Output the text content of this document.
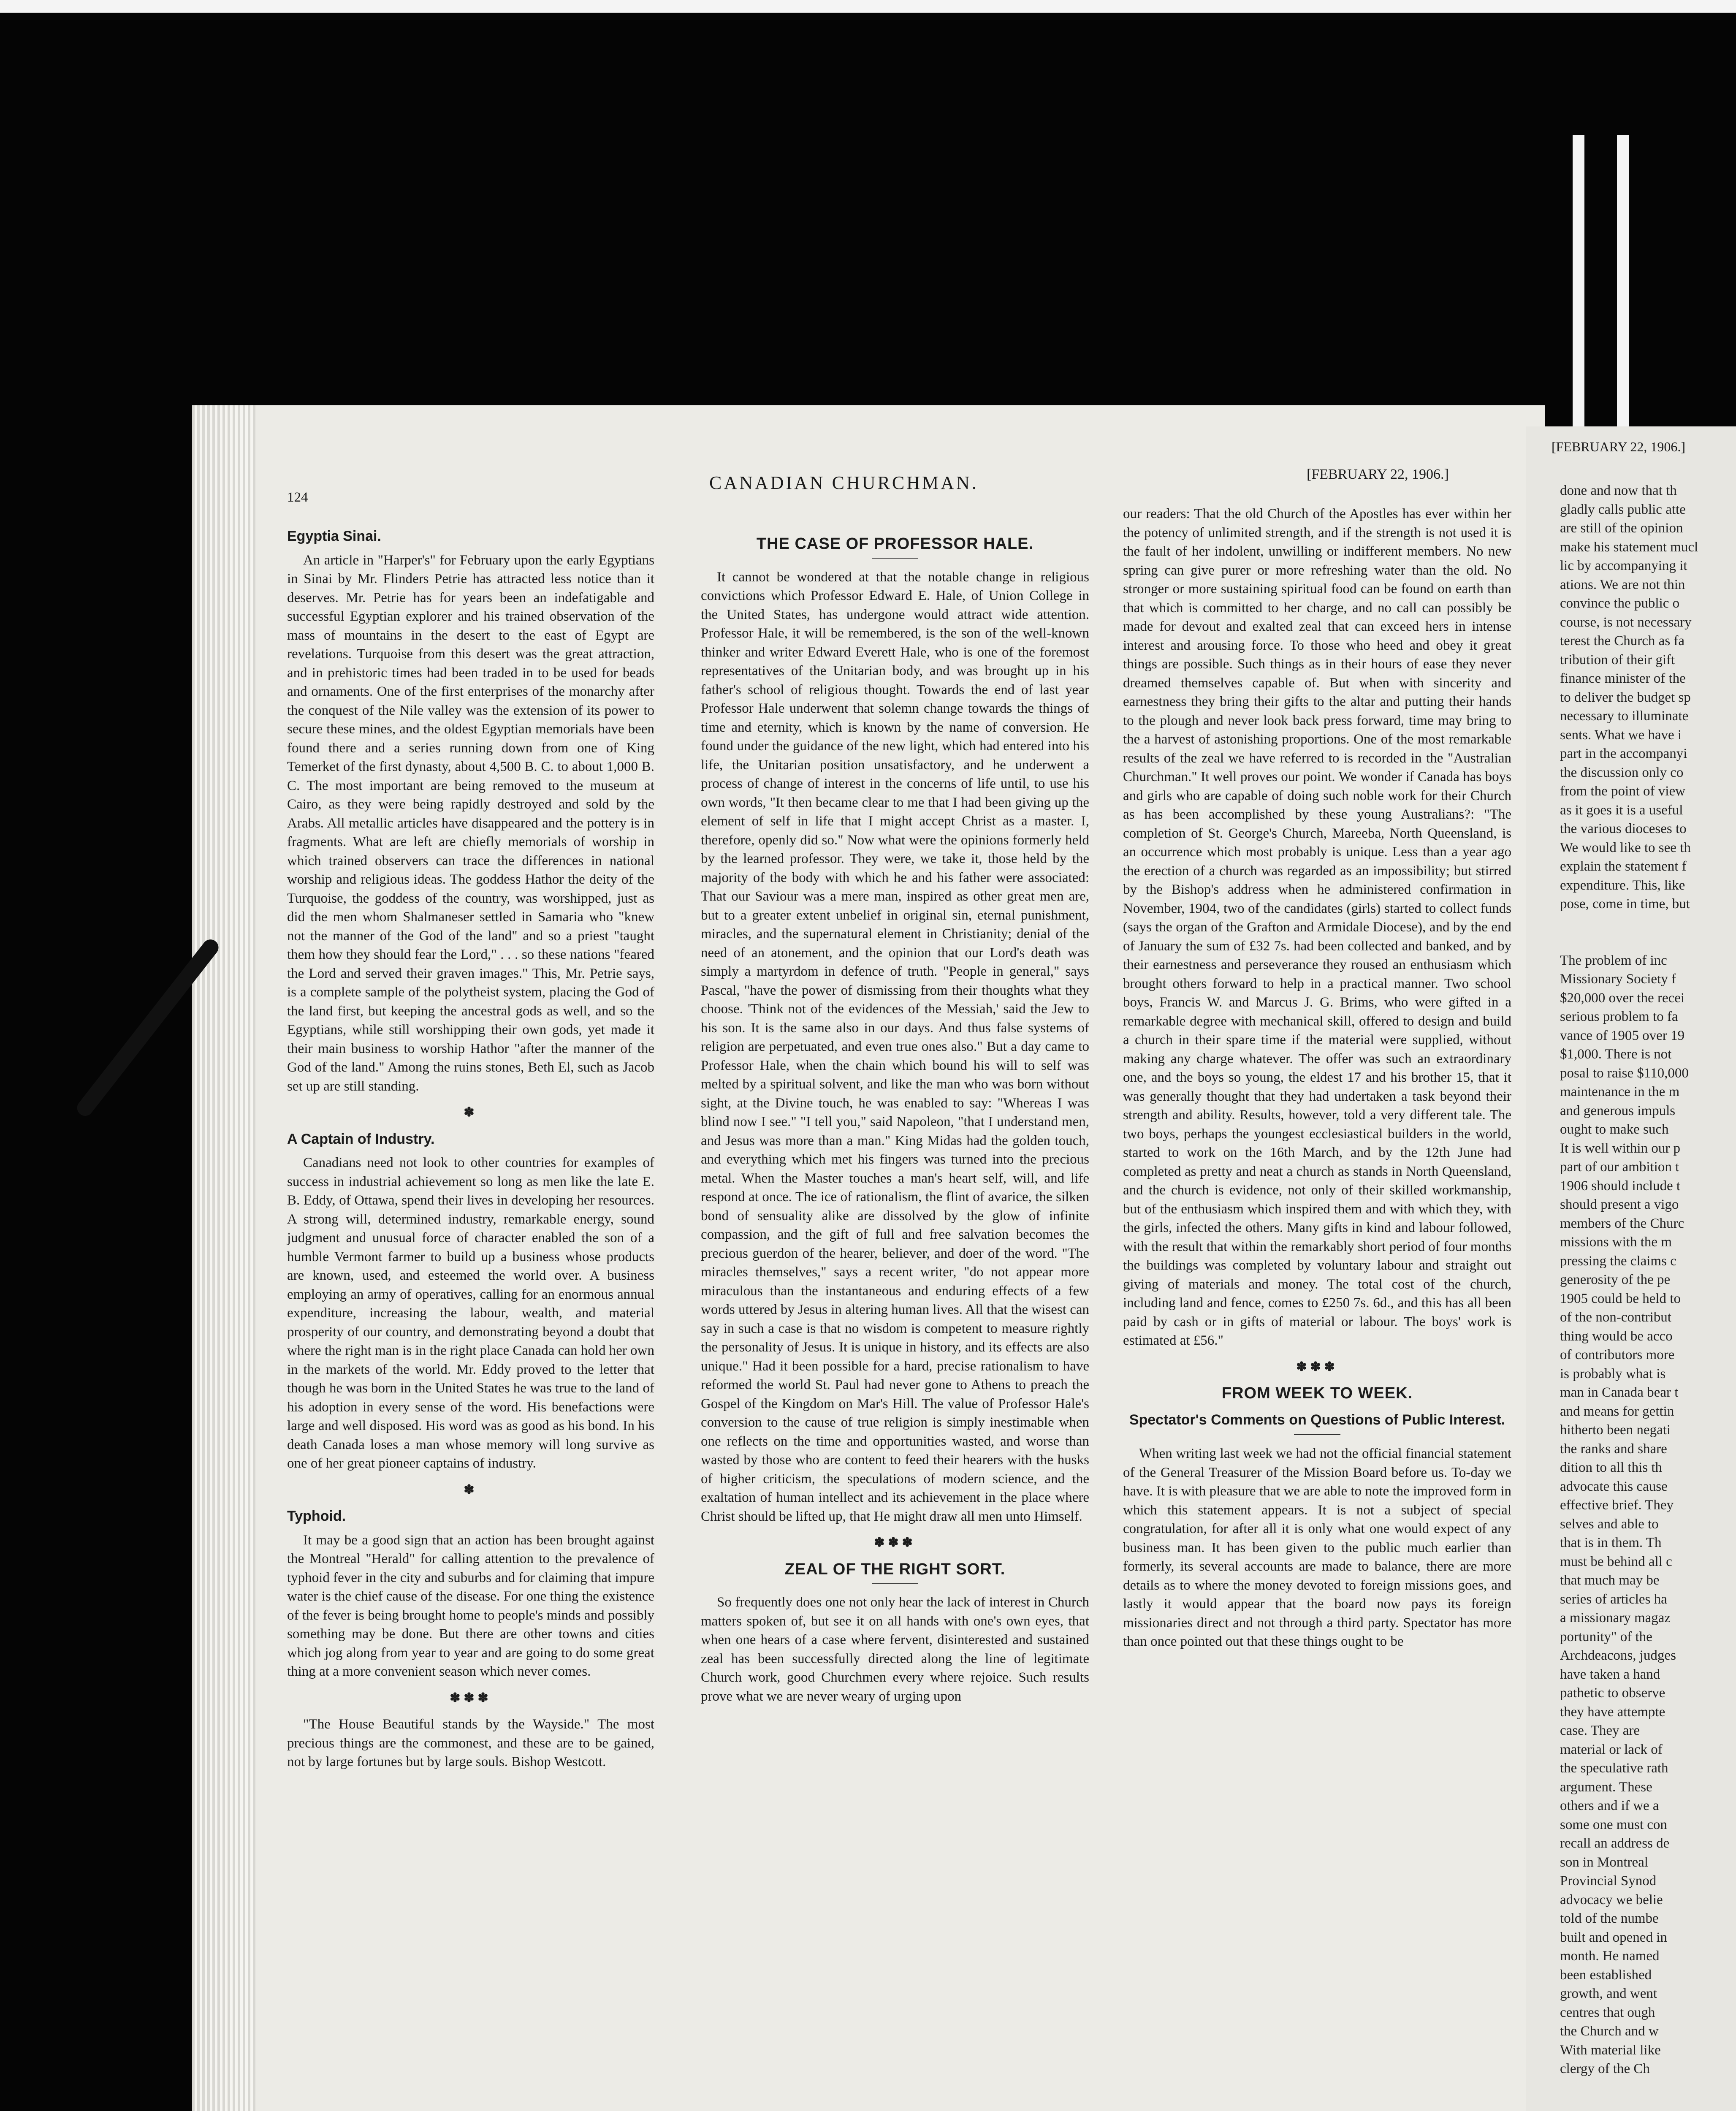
[FEBRUARY 22, 1906.]

done and now that th

gladly calls public atte

are still of the opinion

make his statement mucl

lic by accompanying it

ations. We are not thin

convince the public o

course, is not necessary

terest the Church as fa

tribution of their gift

finance minister of the

to deliver the budget sp

necessary to illuminate

sents. What we have i

part in the accompanyi

the discussion only co

from the point of view

as it goes it is a useful

the various dioceses to

We would like to see th

explain the statement f

expenditure. This, like

pose, come in time, but

The problem of inc

Missionary Society f

$20,000 over the recei

serious problem to fa

vance of 1905 over 19

$1,000. There is not

posal to raise $110,000

maintenance in the m

and generous impuls

ought to make such

It is well within our p

part of our ambition t

1906 should include t

should present a vigo

members of the Churc

missions with the m

pressing the claims c

generosity of the pe

1905 could be held to

of the non-contribut

thing would be acco

of contributors more

is probably what is

man in Canada bear t

and means for gettin

hitherto been negati

the ranks and share

dition to all this th

advocate this cause

effective brief. They

selves and able to

that is in them. Th

must be behind all c

that much may be

series of articles ha

a missionary magaz

portunity" of the

Archdeacons, judges

have taken a hand

pathetic to observe

they have attempte

case. They are

material or lack of

the speculative rath

argument. These

others and if we a

some one must con

recall an address de

son in Montreal

Provincial Synod

advocacy we belie

told of the numbe

built and opened in

month. He named

been established

growth, and went

centres that ough

the Church and w

With material like

clergy of the Ch

124
CANADIAN CHURCHMAN.	[FEBRUARY 22, 1906.]
Egyptia Sinai.

An article in "Harper's" for February upon the early Egyptians in Sinai by Mr. Flinders Petrie has attracted less notice than it deserves. Mr. Petrie has for years been an indefatigable and successful Egyptian explorer and his trained observation of the mass of mountains in the desert to the east of Egypt are revelations. Turquoise from this desert was the great attraction, and in prehistoric times had been traded in to be used for beads and ornaments. One of the first enterprises of the monarchy after the conquest of the Nile valley was the extension of its power to secure these mines, and the oldest Egyptian memorials have been found there and a series running down from one of King Temerket of the first dynasty, about 4,500 B. C. to about 1,000 B. C. The most important are being removed to the museum at Cairo, as they were being rapidly destroyed and sold by the Arabs. All metallic articles have disappeared and the pottery is in fragments. What are left are chiefly memorials of worship in which trained observers can trace the differences in national worship and religious ideas. The goddess Hathor the deity of the Turquoise, the goddess of the country, was worshipped, just as did the men whom Shalmaneser settled in Samaria who "knew not the manner of the God of the land" and so a priest "taught them how they should fear the Lord," . . . so these nations "feared the Lord and served their graven images." This, Mr. Petrie says, is a complete sample of the polytheist system, placing the God of the land first, but keeping the ancestral gods as well, and so the Egyptians, while still worshipping their own gods, yet made it their main business to worship Hathor "after the manner of the God of the land." Among the ruins stones, Beth El, such as Jacob set up are still standing.

✽
A Captain of Industry.

Canadians need not look to other countries for examples of success in industrial achievement so long as men like the late E. B. Eddy, of Ottawa, spend their lives in developing her resources. A strong will, determined industry, remarkable energy, sound judgment and unusual force of character enabled the son of a humble Vermont farmer to build up a business whose products are known, used, and esteemed the world over. A business employing an army of operatives, calling for an enormous annual expenditure, increasing the labour, wealth, and material prosperity of our country, and demonstrating beyond a doubt that where the right man is in the right place Canada can hold her own in the markets of the world. Mr. Eddy proved to the letter that though he was born in the United States he was true to the land of his adoption in every sense of the word. His benefactions were large and well disposed. His word was as good as his bond. In his death Canada loses a man whose memory will long survive as one of her great pioneer captains of industry.

✽
Typhoid.

It may be a good sign that an action has been brought against the Montreal "Herald" for calling attention to the prevalence of typhoid fever in the city and suburbs and for claiming that impure water is the chief cause of the disease. For one thing the existence of the fever is being brought home to people's minds and possibly something may be done. But there are other towns and cities which jog along from year to year and are going to do some great thing at a more convenient season which never comes.

✽✽✽

"The House Beautiful stands by the Wayside." The most precious things are the commonest, and these are to be gained, not by large fortunes but by large souls. Bishop Westcott.

THE CASE OF PROFESSOR HALE.

It cannot be wondered at that the notable change in religious convictions which Professor Edward E. Hale, of Union College in the United States, has undergone would attract wide attention. Professor Hale, it will be remembered, is the son of the well-known thinker and writer Edward Everett Hale, who is one of the foremost representatives of the Unitarian body, and was brought up in his father's school of religious thought. Towards the end of last year Professor Hale underwent that solemn change towards the things of time and eternity, which is known by the name of conversion. He found under the guidance of the new light, which had entered into his life, the Unitarian position unsatisfactory, and he underwent a process of change of interest in the concerns of life until, to use his own words, "It then became clear to me that I had been giving up the element of self in life that I might accept Christ as a master. I, therefore, openly did so." Now what were the opinions formerly held by the learned professor. They were, we take it, those held by the majority of the body with which he and his father were associated: That our Saviour was a mere man, inspired as other great men are, but to a greater extent unbelief in original sin, eternal punishment, miracles, and the supernatural element in Christianity; denial of the need of an atonement, and the opinion that our Lord's death was simply a martyrdom in defence of truth. "People in general," says Pascal, "have the power of dismissing from their thoughts what they choose. 'Think not of the evidences of the Messiah,' said the Jew to his son. It is the same also in our days. And thus false systems of religion are perpetuated, and even true ones also." But a day came to Professor Hale, when the chain which bound his will to self was melted by a spiritual solvent, and like the man who was born without sight, at the Divine touch, he was enabled to say: "Whereas I was blind now I see." "I tell you," said Napoleon, "that I understand men, and Jesus was more than a man." King Midas had the golden touch, and everything which met his fingers was turned into the precious metal. When the Master touches a man's heart self, will, and life respond at once. The ice of rationalism, the flint of avarice, the silken bond of sensuality alike are dissolved by the glow of infinite compassion, and the gift of full and free salvation becomes the precious guerdon of the hearer, believer, and doer of the word. "The miracles themselves," says a recent writer, "do not appear more miraculous than the instantaneous and enduring effects of a few words uttered by Jesus in altering human lives. All that the wisest can say in such a case is that no wisdom is competent to measure rightly the personality of Jesus. It is unique in history, and its effects are also unique." Had it been possible for a hard, precise rationalism to have reformed the world St. Paul had never gone to Athens to preach the Gospel of the Kingdom on Mar's Hill. The value of Professor Hale's conversion to the cause of true religion is simply inestimable when one reflects on the time and opportunities wasted, and worse than wasted by those who are content to feed their hearers with the husks of higher criticism, the speculations of modern science, and the exaltation of human intellect and its achievement in the place where Christ should be lifted up, that He might draw all men unto Himself.

✽✽✽
ZEAL OF THE RIGHT SORT.

So frequently does one not only hear the lack of interest in Church matters spoken of, but see it on all hands with one's own eyes, that when one hears of a case where fervent, disinterested and sustained zeal has been successfully directed along the line of legitimate Church work, good Churchmen every where rejoice. Such results prove what we are never weary of urging upon

our readers: That the old Church of the Apostles has ever within her the potency of unlimited strength, and if the strength is not used it is the fault of her indolent, unwilling or indifferent members. No new spring can give purer or more refreshing water than the old. No stronger or more sustaining spiritual food can be found on earth than that which is committed to her charge, and no call can possibly be made for devout and exalted zeal that can exceed hers in intense interest and arousing force. To those who heed and obey it great things are possible. Such things as in their hours of ease they never dreamed themselves capable of. But when with sincerity and earnestness they bring their gifts to the altar and putting their hands to the plough and never look back press forward, time may bring to the a harvest of astonishing proportions. One of the most remarkable results of the zeal we have referred to is recorded in the "Australian Churchman." It well proves our point. We wonder if Canada has boys and girls who are capable of doing such noble work for their Church as has been accomplished by these young Australians?: "The completion of St. George's Church, Mareeba, North Queensland, is an occurrence which most probably is unique. Less than a year ago the erection of a church was regarded as an impossibility; but stirred by the Bishop's address when he administered confirmation in November, 1904, two of the candidates (girls) started to collect funds (says the organ of the Grafton and Armidale Diocese), and by the end of January the sum of £32 7s. had been collected and banked, and by their earnestness and perseverance they roused an enthusiasm which brought others forward to help in a practical manner. Two school boys, Francis W. and Marcus J. G. Brims, who were gifted in a remarkable degree with mechanical skill, offered to design and build a church in their spare time if the material were supplied, without making any charge whatever. The offer was such an extraordinary one, and the boys so young, the eldest 17 and his brother 15, that it was generally thought that they had undertaken a task beyond their strength and ability. Results, however, told a very different tale. The two boys, perhaps the youngest ecclesiastical builders in the world, started to work on the 16th March, and by the 12th June had completed as pretty and neat a church as stands in North Queensland, and the church is evidence, not only of their skilled workmanship, but of the enthusiasm which inspired them and with which they, with the girls, infected the others. Many gifts in kind and labour followed, with the result that within the remarkably short period of four months the buildings was completed by voluntary labour and straight out giving of materials and money. The total cost of the church, including land and fence, comes to £250 7s. 6d., and this has all been paid by cash or in gifts of material or labour. The boys' work is estimated at £56."

✽✽✽
FROM WEEK TO WEEK.
Spectator's Comments on Questions of Public Interest.

When writing last week we had not the official financial statement of the General Treasurer of the Mission Board before us. To-day we have. It is with pleasure that we are able to note the improved form in which this statement appears. It is not a subject of special congratulation, for after all it is only what one would expect of any business man. It has been given to the public much earlier than formerly, its several accounts are made to balance, there are more details as to where the money devoted to foreign missions goes, and lastly it would appear that the board now pays its foreign missionaries direct and not through a third party. Spectator has more than once pointed out that these things ought to be
